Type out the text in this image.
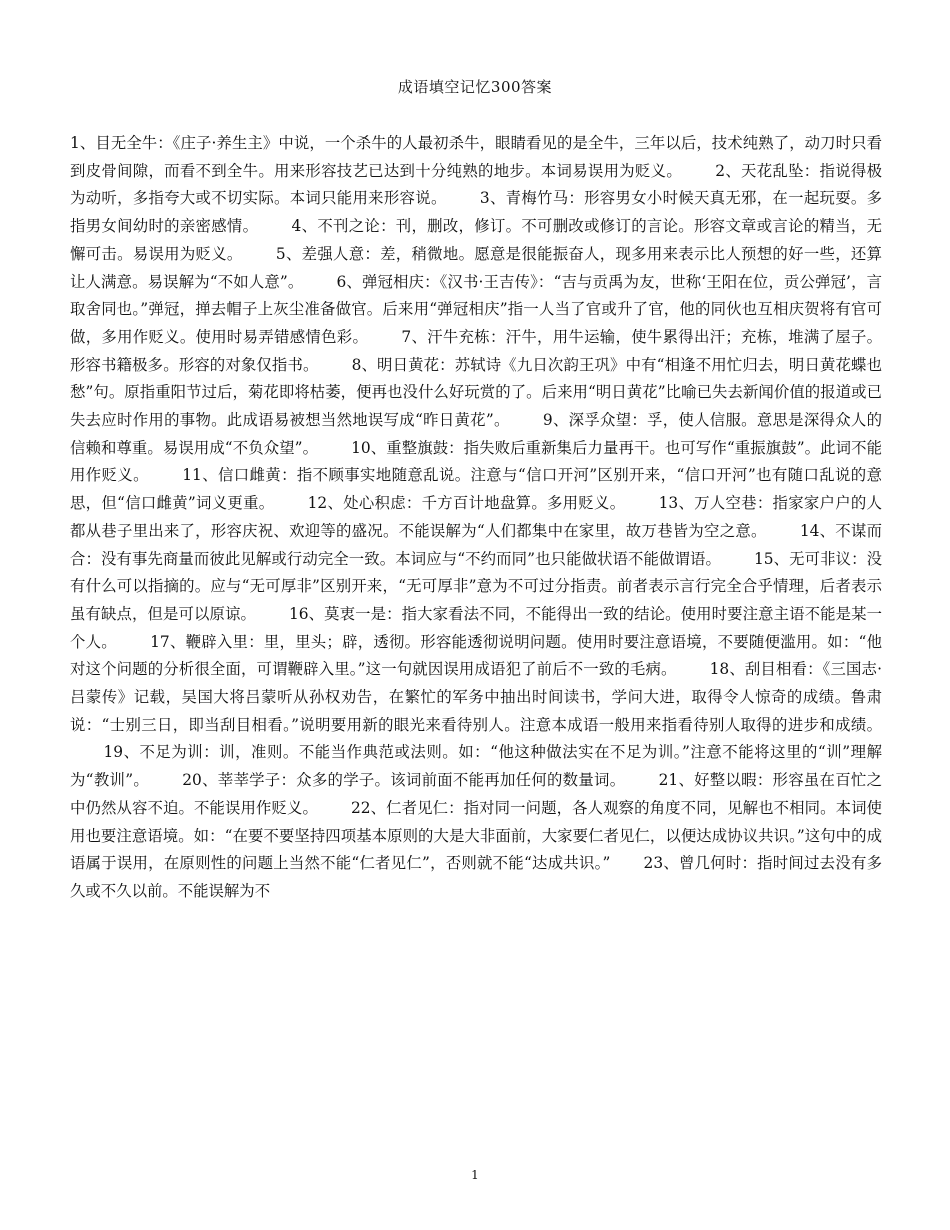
成语填空记忆300答案
1、目无全牛：《庄子·养生主》中说，一个杀牛的人最初杀牛，眼睛看见的是全牛，三年以后，技术纯熟了，动刀时只看到皮骨间隙，而看不到全牛。用来形容技艺已达到十分纯熟的地步。本词易误用为贬义。 2、天花乱坠：指说得极为动听，多指夸大或不切实际。本词只能用来形容说。 3、青梅竹马：形容男女小时候天真无邪，在一起玩耍。多指男女间幼时的亲密感情。 4、不刊之论：刊，删改，修订。不可删改或修订的言论。形容文章或言论的精当，无懈可击。易误用为贬义。 5、差强人意：差，稍微地。愿意是很能振奋人，现多用来表示比人预想的好一些，还算让人满意。易误解为“不如人意”。 6、弹冠相庆：《汉书·王吉传》：“吉与贡禹为友，世称‘王阳在位，贡公弹冠’，言取舍同也。”弹冠，掸去帽子上灰尘准备做官。后来用“弹冠相庆”指一人当了官或升了官，他的同伙也互相庆贺将有官可做，多用作贬义。使用时易弄错感情色彩。 7、汗牛充栋：汗牛，用牛运输，使牛累得出汗；充栋，堆满了屋子。形容书籍极多。形容的对象仅指书。 8、明日黄花：苏轼诗《九日次韵王巩》中有“相逢不用忙归去，明日黄花蝶也愁”句。原指重阳节过后，菊花即将枯萎，便再也没什么好玩赏的了。后来用“明日黄花”比喻已失去新闻价值的报道或已失去应时作用的事物。此成语易被想当然地误写成“昨日黄花”。 9、深孚众望：孚，使人信服。意思是深得众人的信赖和尊重。易误用成“不负众望”。 10、重整旗鼓：指失败后重新集后力量再干。也可写作“重振旗鼓”。此词不能用作贬义。 11、信口雌黄：指不顾事实地随意乱说。注意与“信口开河”区别开来，“信口开河”也有随口乱说的意思，但“信口雌黄”词义更重。 12、处心积虑：千方百计地盘算。多用贬义。 13、万人空巷：指家家户户的人都从巷子里出来了，形容庆祝、欢迎等的盛况。不能误解为“人们都集中在家里，故万巷皆为空之意。 14、不谋而合：没有事先商量而彼此见解或行动完全一致。本词应与“不约而同”也只能做状语不能做谓语。 15、无可非议：没有什么可以指摘的。应与“无可厚非”区别开来，“无可厚非”意为不可过分指责。前者表示言行完全合乎情理，后者表示虽有缺点，但是可以原谅。 16、莫衷一是：指大家看法不同，不能得出一致的结论。使用时要注意主语不能是某一个人。 17、鞭辟入里：里，里头；辟，透彻。形容能透彻说明问题。使用时要注意语境，不要随便滥用。如：“他对这个问题的分析很全面，可谓鞭辟入里。”这一句就因误用成语犯了前后不一致的毛病。 18、刮目相看：《三国志·吕蒙传》记载，吴国大将吕蒙听从孙权劝告，在繁忙的军务中抽出时间读书，学问大进，取得令人惊奇的成绩。鲁肃说：“士别三日，即当刮目相看。”说明要用新的眼光来看待别人。注意本成语一般用来指看待别人取得的进步和成绩。 19、不足为训：训，准则。不能当作典范或法则。如：“他这种做法实在不足为训。”注意不能将这里的“训”理解为“教训”。 20、莘莘学子：众多的学子。该词前面不能再加任何的数量词。 21、好整以暇：形容虽在百忙之中仍然从容不迫。不能误用作贬义。 22、仁者见仁：指对同一问题，各人观察的角度不同，见解也不相同。本词使用也要注意语境。如：“在要不要坚持四项基本原则的大是大非面前，大家要仁者见仁，以便达成协议共识。”这句中的成语属于误用，在原则性的问题上当然不能“仁者见仁”，否则就不能“达成共识。” 23、曾几何时：指时间过去没有多久或不久以前。不能误解为不
1
